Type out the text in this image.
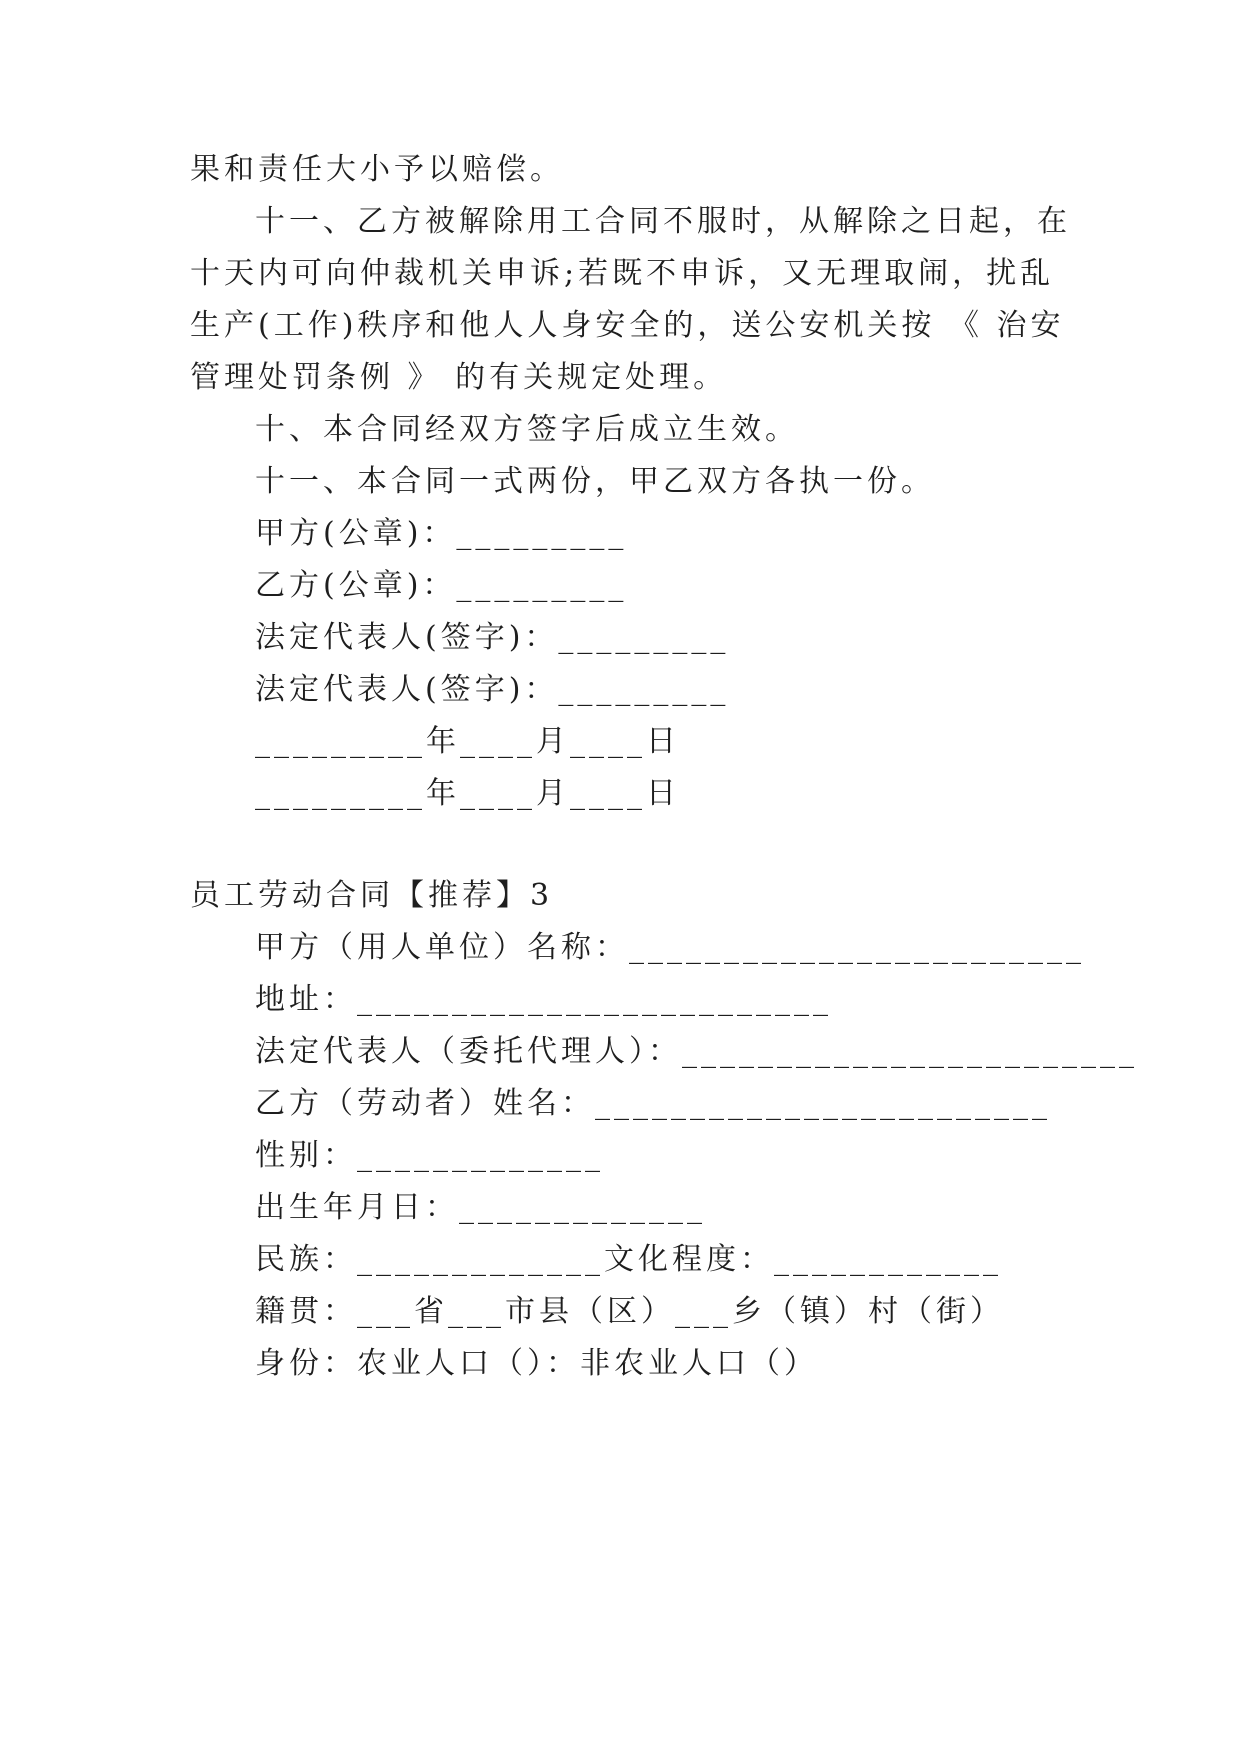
果和责任大小予以赔偿。
十一、乙方被解除用工合同不服时，从解除之日起，在
十天内可向仲裁机关申诉;若既不申诉，又无理取闹，扰乱
生产(工作)秩序和他人人身安全的，送公安机关按 《 治安
管理处罚条例 》 的有关规定处理。
十、本合同经双方签字后成立生效。
十一、本合同一式两份，甲乙双方各执一份。
甲方(公章)：_________
乙方(公章)：_________
法定代表人(签字)：_________
法定代表人(签字)：_________
_________年____月____日
_________年____月____日
员工劳动合同【推荐】3
甲方（用人单位）名称：________________________
地址：_________________________
法定代表人（委托代理人）：________________________
乙方（劳动者）姓名：________________________
性别：_____________
出生年月日：_____________
民族：_____________文化程度：____________
籍贯：___省___市县（区）___乡（镇）村（街）
身份：农业人口（）：非农业人口（）
